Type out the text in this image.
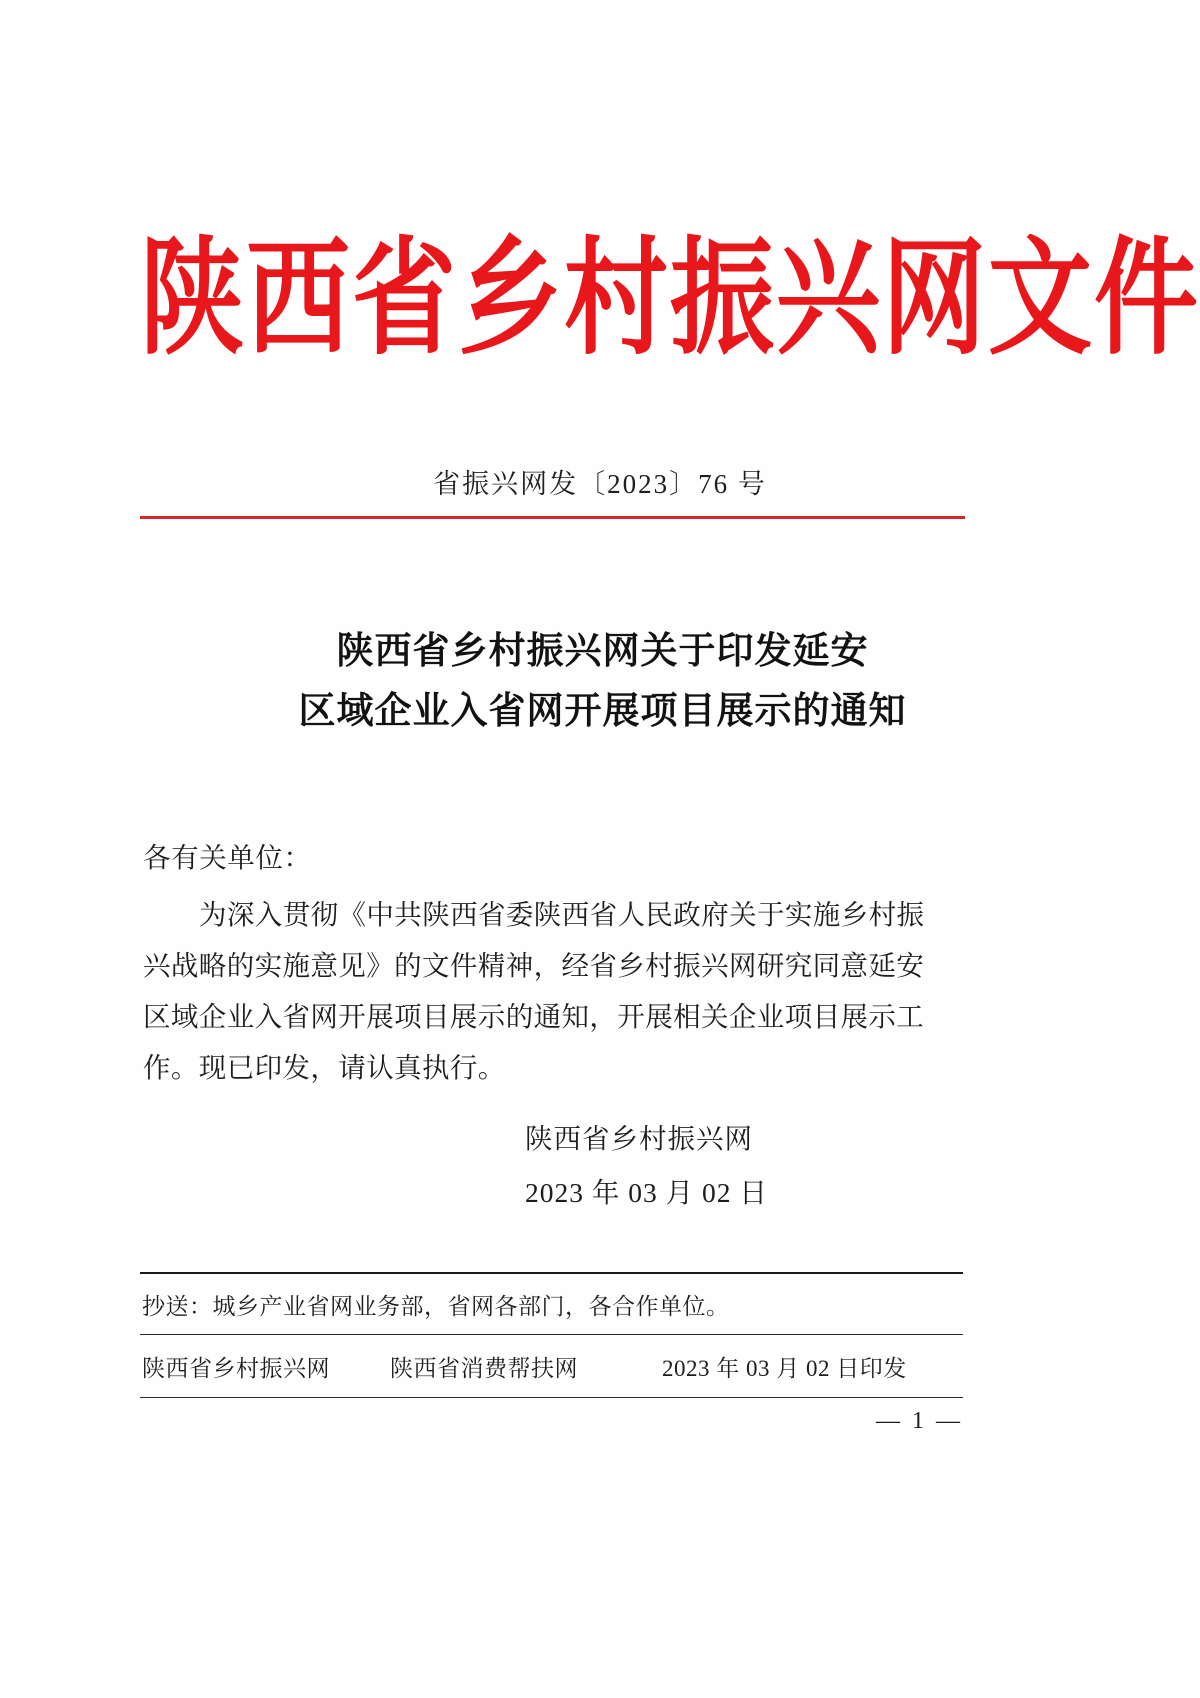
陕西省乡村振兴网文件
省振兴网发〔2023〕76 号
陕西省乡村振兴网关于印发延安
区域企业入省网开展项目展示的通知
各有关单位：
为深入贯彻《中共陕西省委陕西省人民政府关于实施乡村振
兴战略的实施意见》的文件精神，经省乡村振兴网研究同意延安
区域企业入省网开展项目展示的通知，开展相关企业项目展示工
作。现已印发，请认真执行。
陕西省乡村振兴网
2023 年 03 月 02 日
抄送：城乡产业省网业务部，省网各部门，各合作单位。
陕西省乡村振兴网	陕西省消费帮扶网	2023 年 03 月 02 日印发
— 1 —
